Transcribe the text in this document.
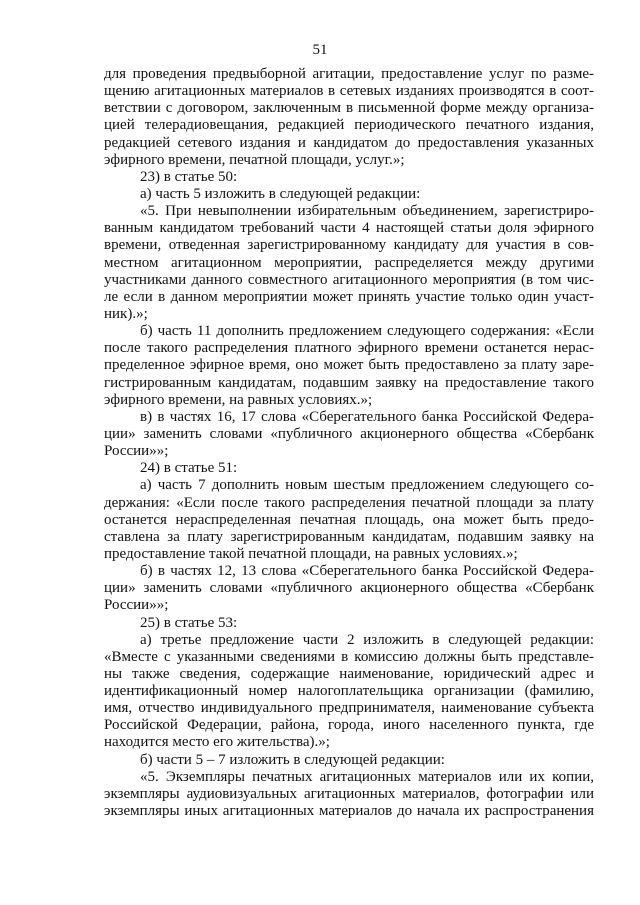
51
для проведения предвыборной агитации, предоставление услуг по разме-
щению агитационных материалов в сетевых изданиях производятся в соот-
ветствии с договором, заключенным в письменной форме между организа-
цией телерадиовещания, редакцией периодического печатного издания,
редакцией сетевого издания и кандидатом до предоставления указанных
эфирного времени, печатной площади, услуг.»;
23) в статье 50:
а) часть 5 изложить в следующей редакции:
«5. При невыполнении избирательным объединением, зарегистриро-
ванным кандидатом требований части 4 настоящей статьи доля эфирного
времени, отведенная зарегистрированному кандидату для участия в сов-
местном агитационном мероприятии, распределяется между другими
участниками данного совместного агитационного мероприятия (в том чис-
ле если в данном мероприятии может принять участие только один участ-
ник).»;
б) часть 11 дополнить предложением следующего содержания: «Если
после такого распределения платного эфирного времени останется нерас-
пределенное эфирное время, оно может быть предоставлено за плату заре-
гистрированным кандидатам, подавшим заявку на предоставление такого
эфирного времени, на равных условиях.»;
в) в частях 16, 17 слова «Сберегательного банка Российской Федера-
ции» заменить словами «публичного акционерного общества «Сбербанк
России»»;
24) в статье 51:
а) часть 7 дополнить новым шестым предложением следующего со-
держания: «Если после такого распределения печатной площади за плату
останется нераспределенная печатная площадь, она может быть предо-
ставлена за плату зарегистрированным кандидатам, подавшим заявку на
предоставление такой печатной площади, на равных условиях.»;
б) в частях 12, 13 слова «Сберегательного банка Российской Федера-
ции» заменить словами «публичного акционерного общества «Сбербанк
России»»;
25) в статье 53:
а) третье предложение части 2 изложить в следующей редакции:
«Вместе с указанными сведениями в комиссию должны быть представле-
ны также сведения, содержащие наименование, юридический адрес и
идентификационный номер налогоплательщика организации (фамилию,
имя, отчество индивидуального предпринимателя, наименование субъекта
Российской Федерации, района, города, иного населенного пункта, где
находится место его жительства).»;
б) части 5 – 7 изложить в следующей редакции:
«5. Экземпляры печатных агитационных материалов или их копии,
экземпляры аудиовизуальных агитационных материалов, фотографии или
экземпляры иных агитационных материалов до начала их распространения
